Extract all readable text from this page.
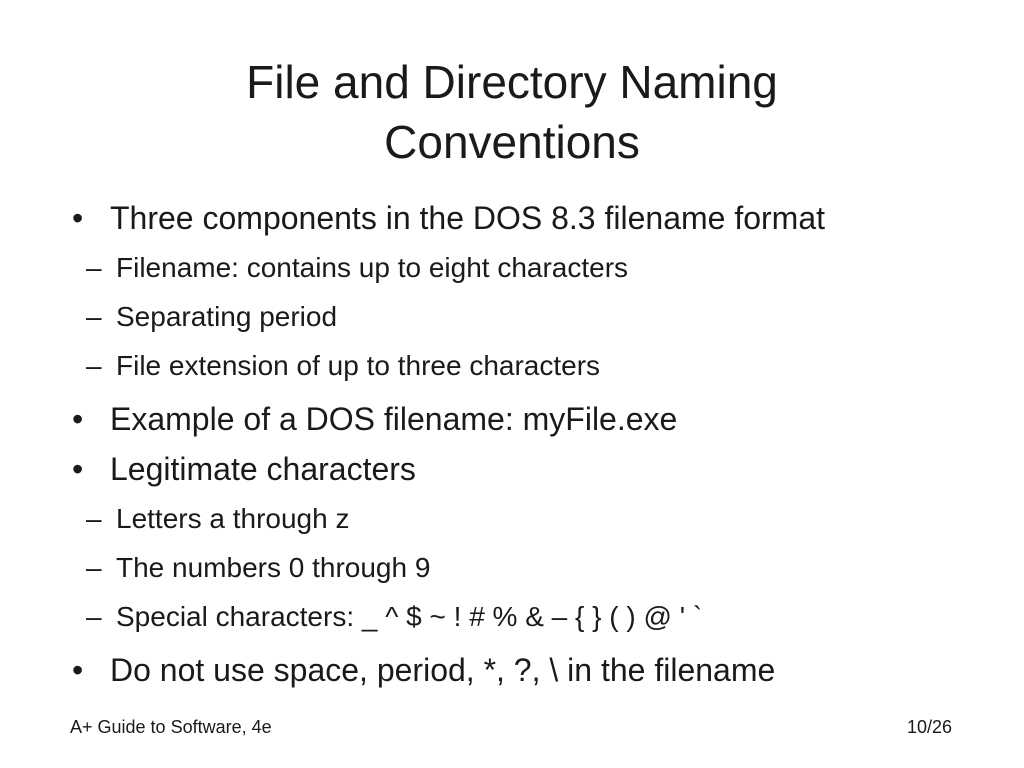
File and Directory Naming
Conventions
• Three components in the DOS 8.3 filename format
– Filename: contains up to eight characters
– Separating period
– File extension of up to three characters
• Example of a DOS filename: myFile.exe
• Legitimate characters
– Letters a through z
– The numbers 0 through 9
– Special characters: _ ^ $ ~ ! # % & – { } ( ) @ ' `
• Do not use space, period, *, ?, \ in the filename
A+ Guide to Software, 4e	10/26
